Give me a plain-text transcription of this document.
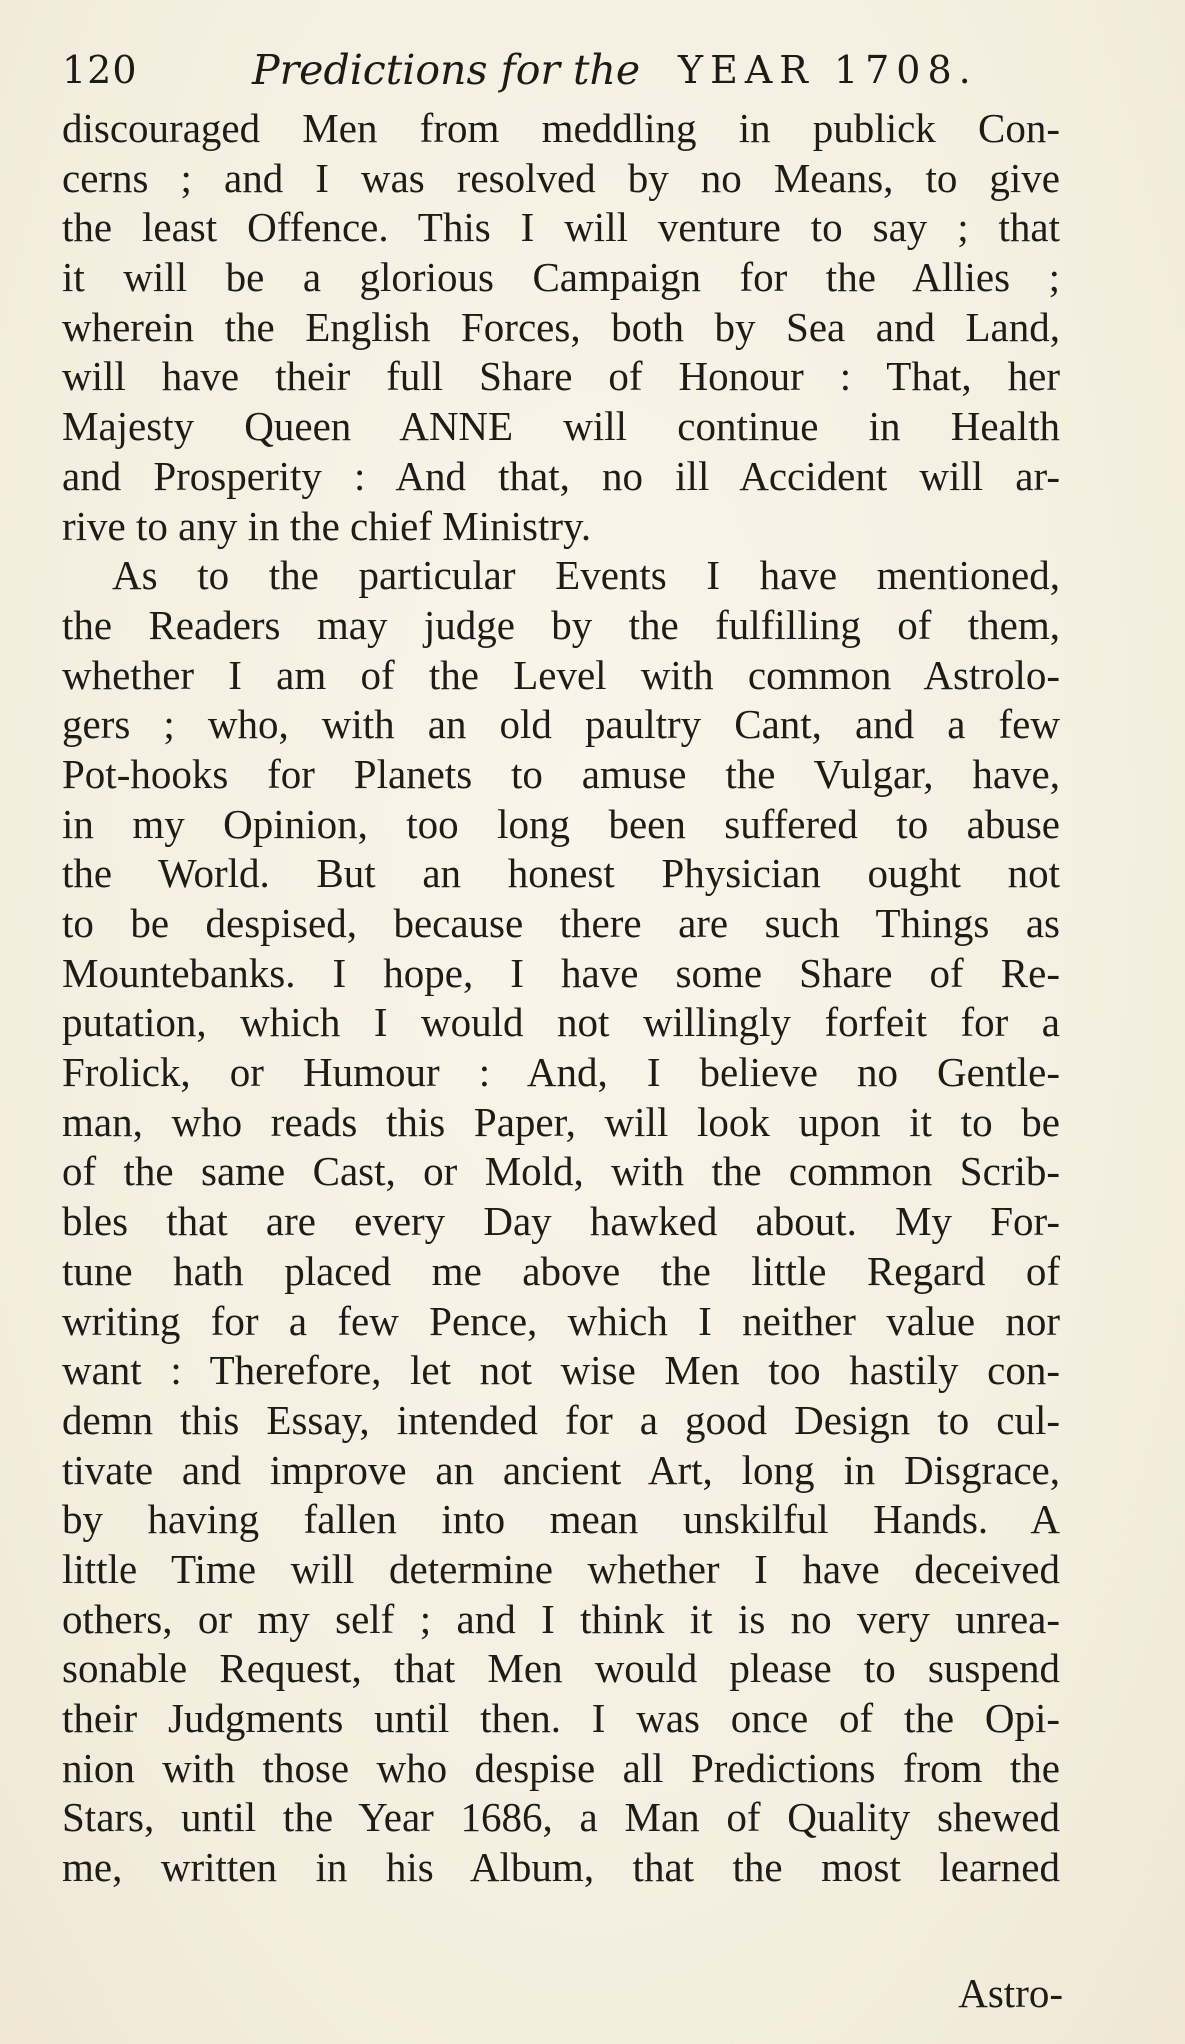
120	Predictions for the YEAR 1708.
discouraged Men from meddling in publick Con-
cerns ; and I was resolved by no Means, to give
the least Offence. This I will venture to say ; that
it will be a glorious Campaign for the Allies ;
wherein the English Forces, both by Sea and Land,
will have their full Share of Honour : That, her
Majesty Queen ANNE will continue in Health
and Prosperity : And that, no ill Accident will ar-
rive to any in the chief Ministry.
As to the particular Events I have mentioned,
the Readers may judge by the fulfilling of them,
whether I am of the Level with common Astrolo-
gers ; who, with an old paultry Cant, and a few
Pot-hooks for Planets to amuse the Vulgar, have,
in my Opinion, too long been suffered to abuse
the World. But an honest Physician ought not
to be despised, because there are such Things as
Mountebanks. I hope, I have some Share of Re-
putation, which I would not willingly forfeit for a
Frolick, or Humour : And, I believe no Gentle-
man, who reads this Paper, will look upon it to be
of the same Cast, or Mold, with the common Scrib-
bles that are every Day hawked about. My For-
tune hath placed me above the little Regard of
writing for a few Pence, which I neither value nor
want : Therefore, let not wise Men too hastily con-
demn this Essay, intended for a good Design to cul-
tivate and improve an ancient Art, long in Disgrace,
by having fallen into mean unskilful Hands. A
little Time will determine whether I have deceived
others, or my self ; and I think it is no very unrea-
sonable Request, that Men would please to suspend
their Judgments until then. I was once of the Opi-
nion with those who despise all Predictions from the
Stars, until the Year 1686, a Man of Quality shewed
me, written in his Album, that the most learned
Astro-
